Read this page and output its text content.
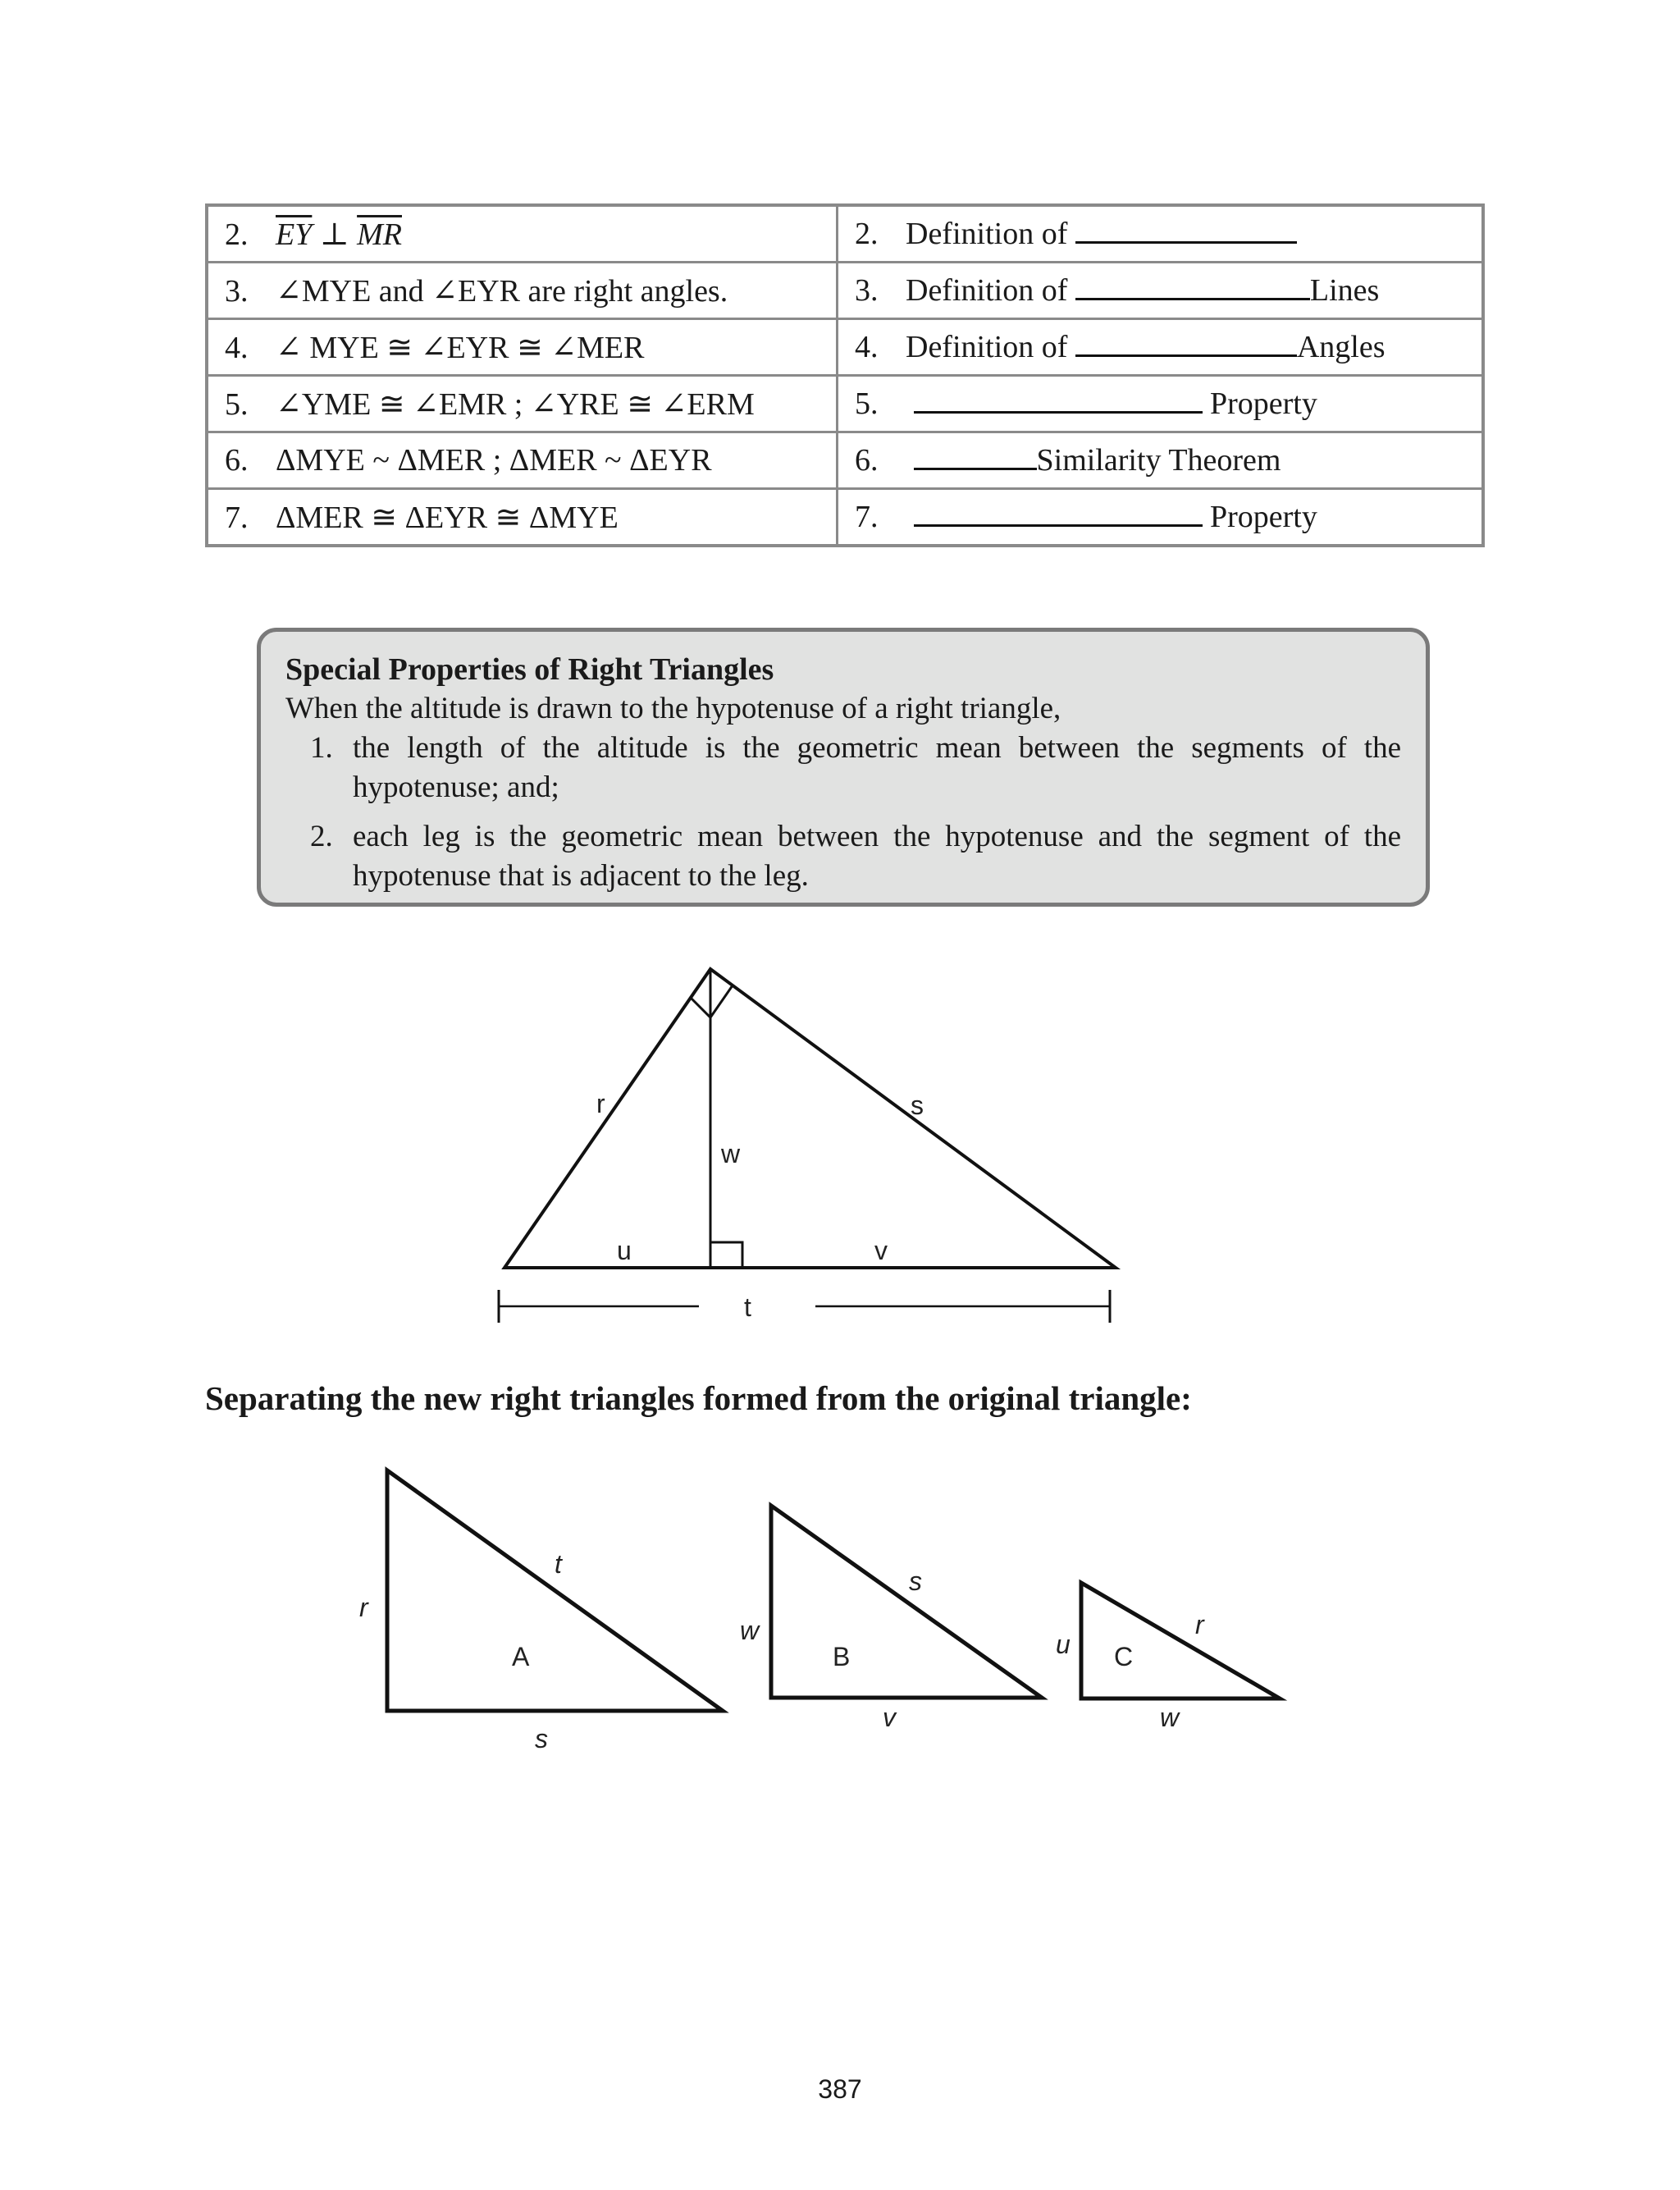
2. $\overline{EY}$ ⊥ $\overline{MR}$	2. Definition of
3. ∠MYE and ∠EYR are right angles.	3. Definition of Lines
4. ∠ MYE ≅ ∠EYR ≅ ∠MER	4. Definition of Angles
5. ∠YME ≅ ∠EMR ; ∠YRE ≅ ∠ERM	5. Property
6. ΔMYE ~ ΔMER ; ΔMER ~ ΔEYR	6. Similarity Theorem
7. ΔMER ≅ ΔEYR ≅ ΔMYE	7. Property
Special Properties of Right Triangles
When the altitude is drawn to the hypotenuse of a right triangle,
1. the length of the altitude is the geometric mean between the segments of the hypotenuse; and;
2. each leg is the geometric mean between the hypotenuse and the segment of the hypotenuse that is adjacent to the leg.
r	s
w
u	v
t
r
t
A
s
w
s
B
v
u
r
C
w
Separating the new right triangles formed from the original triangle:
387
